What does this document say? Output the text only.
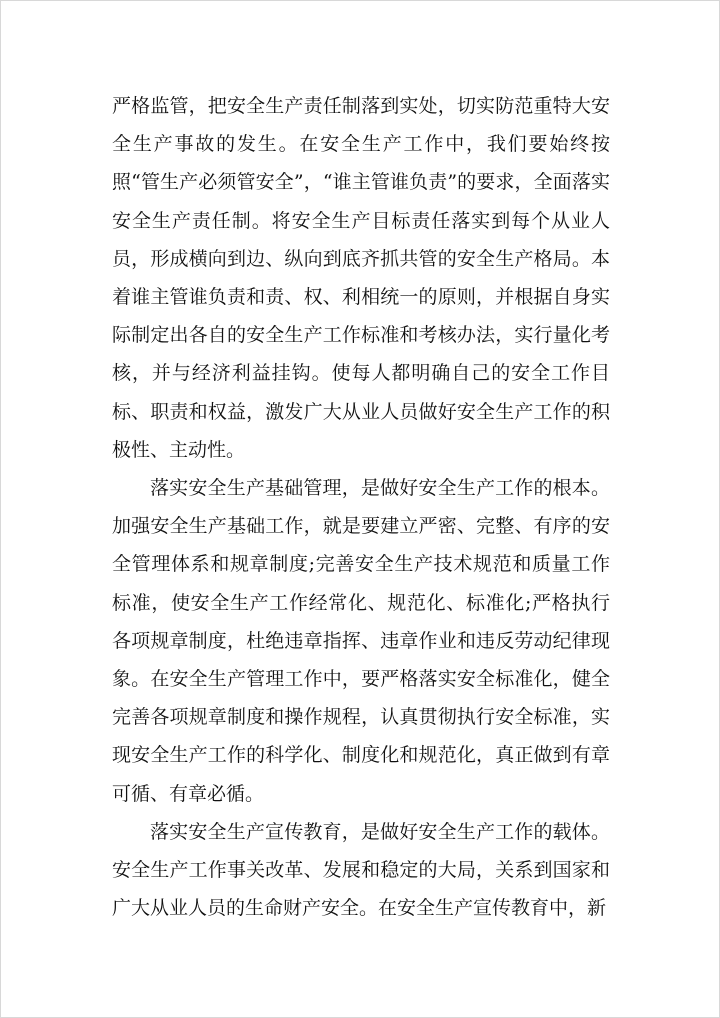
严格监管，把安全生产责任制落到实处，切实防范重特大安全生产事故的发生。在安全生产工作中，我们要始终按照“管生产必须管安全”，“谁主管谁负责”的要求，全面落实安全生产责任制。将安全生产目标责任落实到每个从业人员，形成横向到边、纵向到底齐抓共管的安全生产格局。本着谁主管谁负责和责、权、利相统一的原则，并根据自身实际制定出各自的安全生产工作标准和考核办法，实行量化考核，并与经济利益挂钩。使每人都明确自己的安全工作目标、职责和权益，激发广大从业人员做好安全生产工作的积极性、主动性。

落实安全生产基础管理，是做好安全生产工作的根本。加强安全生产基础工作，就是要建立严密、完整、有序的安全管理体系和规章制度;完善安全生产技术规范和质量工作标准，使安全生产工作经常化、规范化、标准化;严格执行各项规章制度，杜绝违章指挥、违章作业和违反劳动纪律现象。在安全生产管理工作中，要严格落实安全标准化，健全完善各项规章制度和操作规程，认真贯彻执行安全标准，实现安全生产工作的科学化、制度化和规范化，真正做到有章可循、有章必循。

落实安全生产宣传教育，是做好安全生产工作的载体。安全生产工作事关改革、发展和稳定的大局，关系到国家和广大从业人员的生命财产安全。在安全生产宣传教育中，新
